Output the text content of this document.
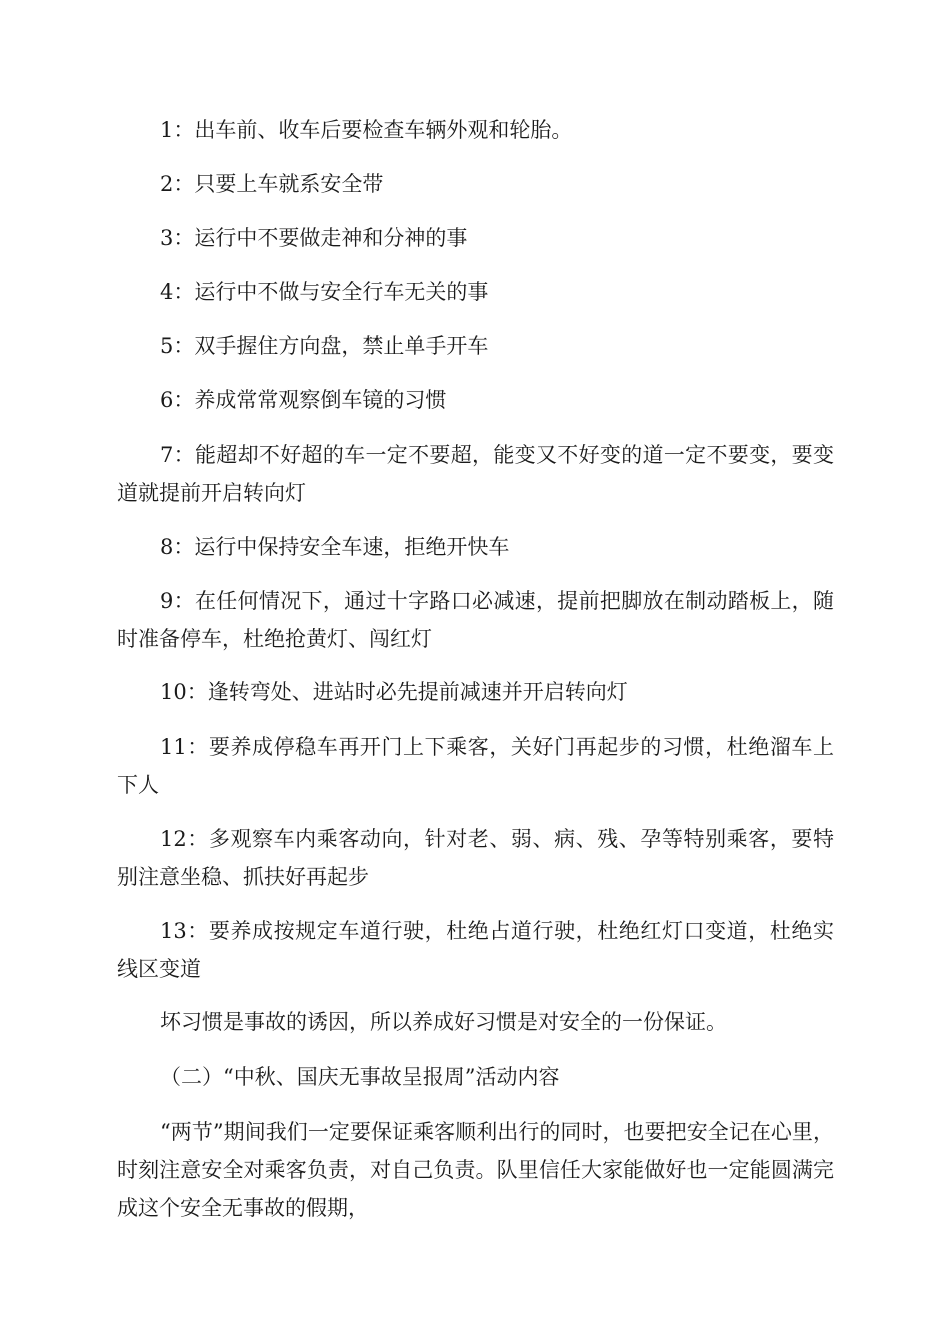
1：出车前、收车后要检查车辆外观和轮胎。

2：只要上车就系安全带

3：运行中不要做走神和分神的事

4：运行中不做与安全行车无关的事

5：双手握住方向盘，禁止单手开车

6：养成常常观察倒车镜的习惯

7：能超却不好超的车一定不要超，能变又不好变的道一定不要变，要变道就提前开启转向灯

8：运行中保持安全车速，拒绝开快车

9：在任何情况下，通过十字路口必减速，提前把脚放在制动踏板上，随时准备停车，杜绝抢黄灯、闯红灯

10：逢转弯处、进站时必先提前减速并开启转向灯

11：要养成停稳车再开门上下乘客，关好门再起步的习惯，杜绝溜车上下人

12：多观察车内乘客动向，针对老、弱、病、残、孕等特别乘客，要特别注意坐稳、抓扶好再起步

13：要养成按规定车道行驶，杜绝占道行驶，杜绝红灯口变道，杜绝实线区变道

坏习惯是事故的诱因，所以养成好习惯是对安全的一份保证。

（二）“中秋、国庆无事故呈报周”活动内容

“两节”期间我们一定要保证乘客顺利出行的同时，也要把安全记在心里，时刻注意安全对乘客负责，对自己负责。队里信任大家能做好也一定能圆满完成这个安全无事故的假期，
